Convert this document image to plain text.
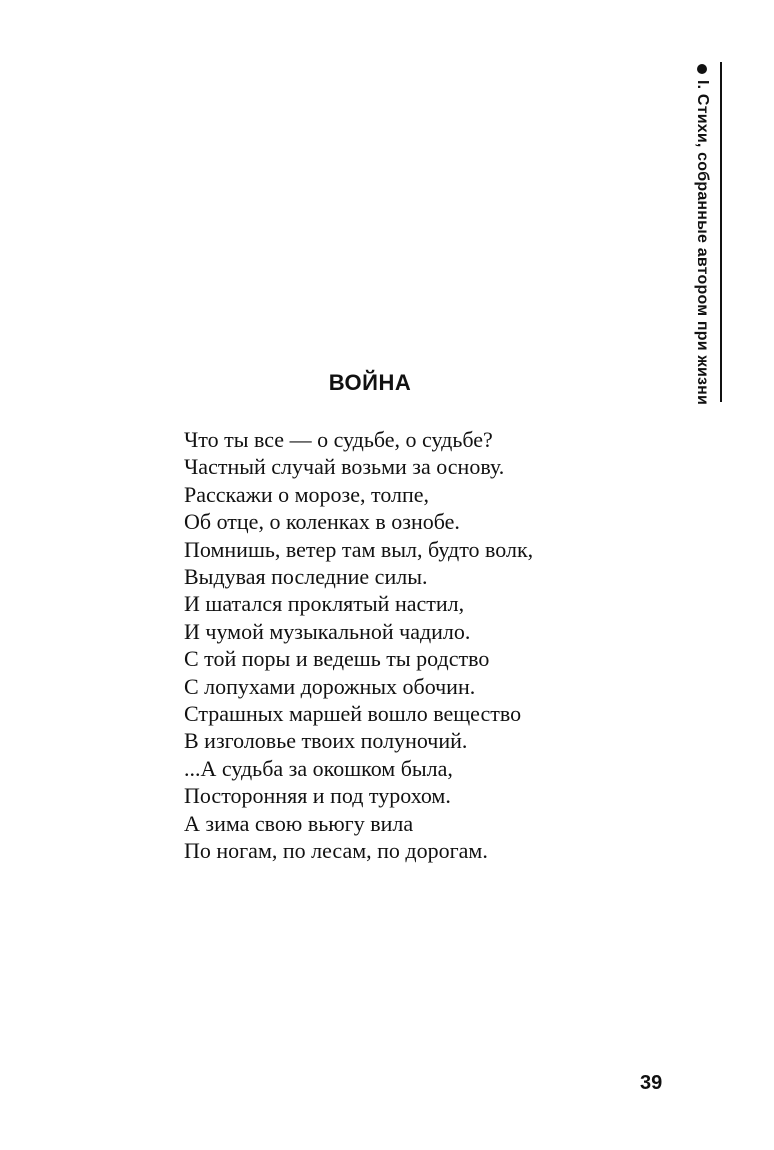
I. Стихи, собранные автором при жизни
ВОЙНА
Что ты все — о судьбе, о судьбе?
Частный случай возьми за основу.
Расскажи о морозе, толпе,
Об отце, о коленках в ознобе.
Помнишь, ветер там выл, будто волк,
Выдувая последние силы.
И шатался проклятый настил,
И чумой музыкальной чадило.
С той поры и ведешь ты родство
С лопухами дорожных обочин.
Страшных маршей вошло вещество
В изголовье твоих полуночий.
...А судьба за окошком была,
Посторонняя и под турохом.
А зима свою вьюгу вила
По ногам, по лесам, по дорогам.
39
